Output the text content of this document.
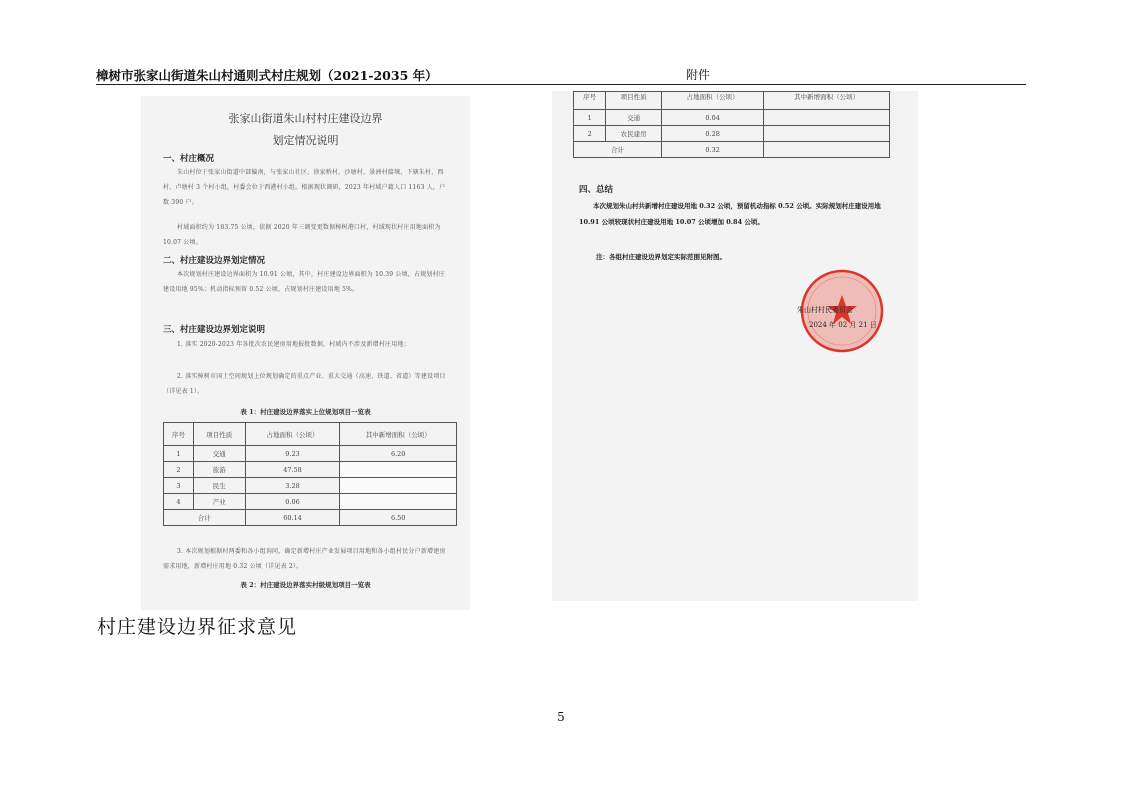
樟树市张家山街道朱山村通则式村庄规划（2021-2035 年）	附件
张家山街道朱山村村庄建设边界
划定情况说明
一、村庄概况
朱山村位于张家山街道中部偏南，与张家山社区、徐家桥村、沙塘村、景洲村接壤，下辖朱村、西村、卢塘村 3 个村小组，村委会位于西港村小组。根据现状调研，2023 年村域户籍人口 1163 人，户数 390 户。
村域面积约为 183.75 公顷，依据 2020 年三调变更数据樟树港口村，村域现状村庄用地面积为 10.07 公顷。
二、村庄建设边界划定情况
本次规划村庄建设边界面积为 10.91 公顷，其中，村庄建设边界面积为 10.39 公顷，占规划村庄建设用地 95%；机动指标预留 0.52 公顷，占规划村庄建设用地 5%。
三、村庄建设边界划定说明
1. 落实 2020-2023 年各批次农民建房用地报批数据，村域内不涉及新增村庄用地；
2. 落实樟树市国土空间规划上位规划确定的重点产业、重大交通（高速、铁道、省道）等建设项目（详见表 1）。
表 1：村庄建设边界落实上位规划项目一览表
序号	项目性质	占地面积（公顷）	其中新增面积（公顷）
1	交通	9.23	6.20
2	旅游	47.58	
3	民生	3.28	
4	产业	0.06	
合计		60.14	6.50
3. 本次规划根据村两委和各小组询问，确定新增村庄产业发展项目用地和各小组村民分户新增建房需求用地，新增村庄用地 0.32 公顷（详见表 2）。
表 2：村庄建设边界落实村级规划项目一览表
序号	项目性质	占地面积（公顷）	其中新增面积（公顷）
1	交通	0.04	
2	农民建房	0.28	
合计		0.32	
四、总结
本次规划朱山村共新增村庄建设用地 0.32 公顷，预留机动指标 0.52 公顷。实际规划村庄建设用地 10.91 公顷较现状村庄建设用地 10.07 公顷增加 0.84 公顷。
注：各组村庄建设边界划定实际范围见附图。
朱山村村民委员会
2024 年 02 月 21 日
村庄建设边界征求意见
5
